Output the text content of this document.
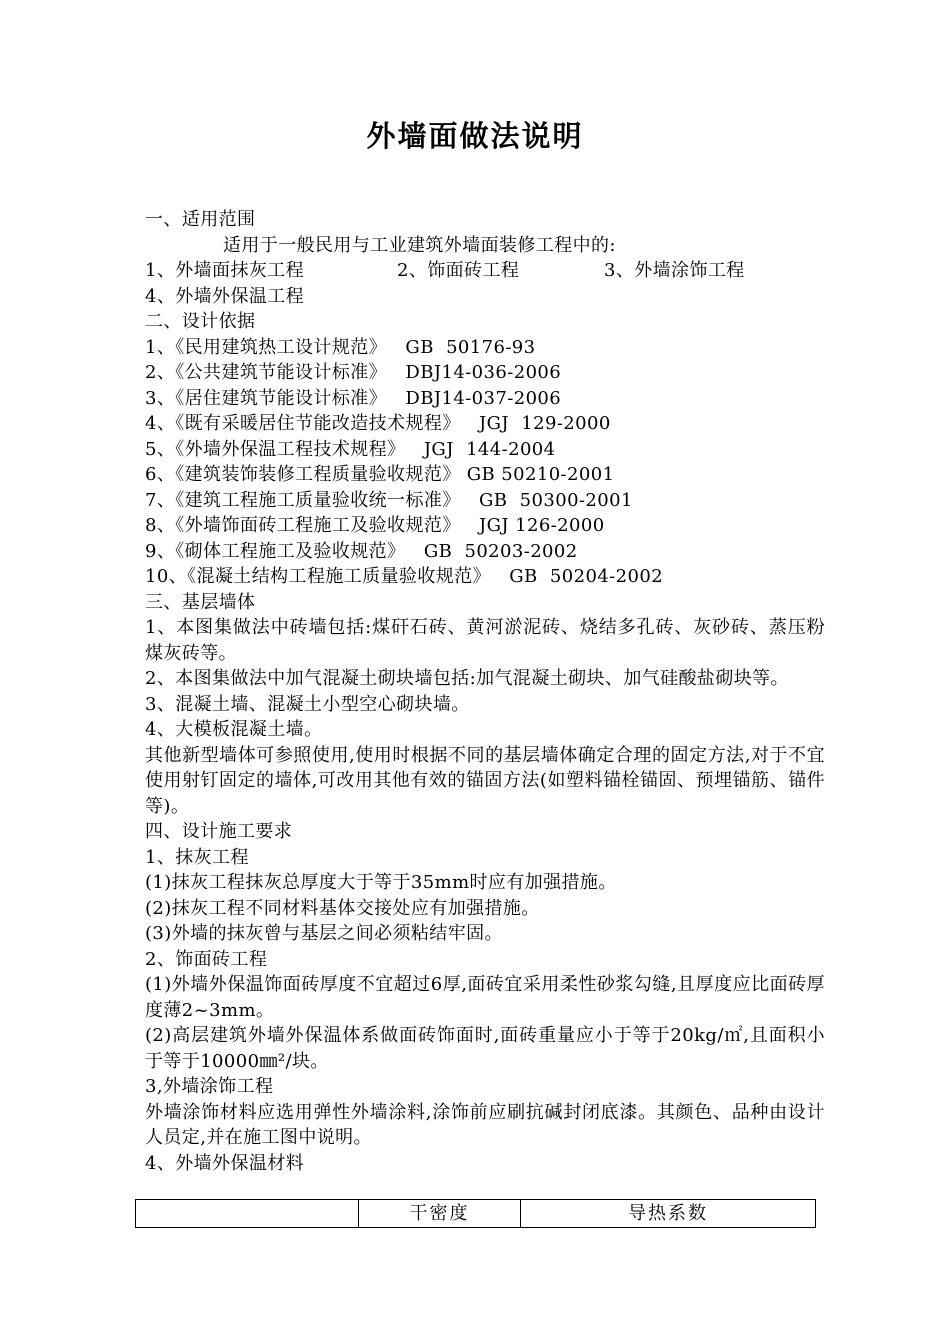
外墙面做法说明
一、适用范围
适用于一般民用与工业建筑外墙面装修工程中的:
1、外墙面抹灰工程	2、饰面砖工程	3、外墙涂饰工程
4、外墙外保温工程
二、设计依据
1、《民用建筑热工设计规范》   GB  50176-93
2、《公共建筑节能设计标准》   DBJ14-036-2006
3、《居住建筑节能设计标准》   DBJ14-037-2006
4、《既有采暖居住节能改造技术规程》   JGJ  129-2000
5、《外墙外保温工程技术规程》   JGJ  144-2004
6、《建筑装饰装修工程质量验收规范》 GB 50210-2001
7、《建筑工程施工质量验收统一标准》   GB  50300-2001
8、《外墙饰面砖工程施工及验收规范》   JGJ 126-2000
9、《砌体工程施工及验收规范》   GB  50203-2002
10、《混凝土结构工程施工质量验收规范》   GB  50204-2002
三、基层墙体
1、本图集做法中砖墙包括:煤矸石砖、黄河淤泥砖、烧结多孔砖、灰砂砖、蒸压粉煤灰砖等。
2、本图集做法中加气混凝土砌块墙包括:加气混凝土砌块、加气硅酸盐砌块等。
3、混凝土墙、混凝土小型空心砌块墙。
4、大模板混凝土墙。
其他新型墙体可参照使用,使用时根据不同的基层墙体确定合理的固定方法,对于不宜使用射钉固定的墙体,可改用其他有效的锚固方法(如塑料锚栓锚固、预埋锚筋、锚件等)。
四、设计施工要求
1、抹灰工程
(1)抹灰工程抹灰总厚度大于等于35mm时应有加强措施。
(2)抹灰工程不同材料基体交接处应有加强措施。
(3)外墙的抹灰曾与基层之间必须粘结牢固。
2、饰面砖工程
(1)外墙外保温饰面砖厚度不宜超过6厚,面砖宜采用柔性砂浆勾缝,且厚度应比面砖厚度薄2~3mm。
(2)高层建筑外墙外保温体系做面砖饰面时,面砖重量应小于等于20kg/㎡,且面积小于等于10000㎜²/块。
3,外墙涂饰工程
外墙涂饰材料应选用弹性外墙涂料,涂饰前应刷抗碱封闭底漆。其颜色、品种由设计人员定,并在施工图中说明。
4、外墙外保温材料
	干密度	导热系数
